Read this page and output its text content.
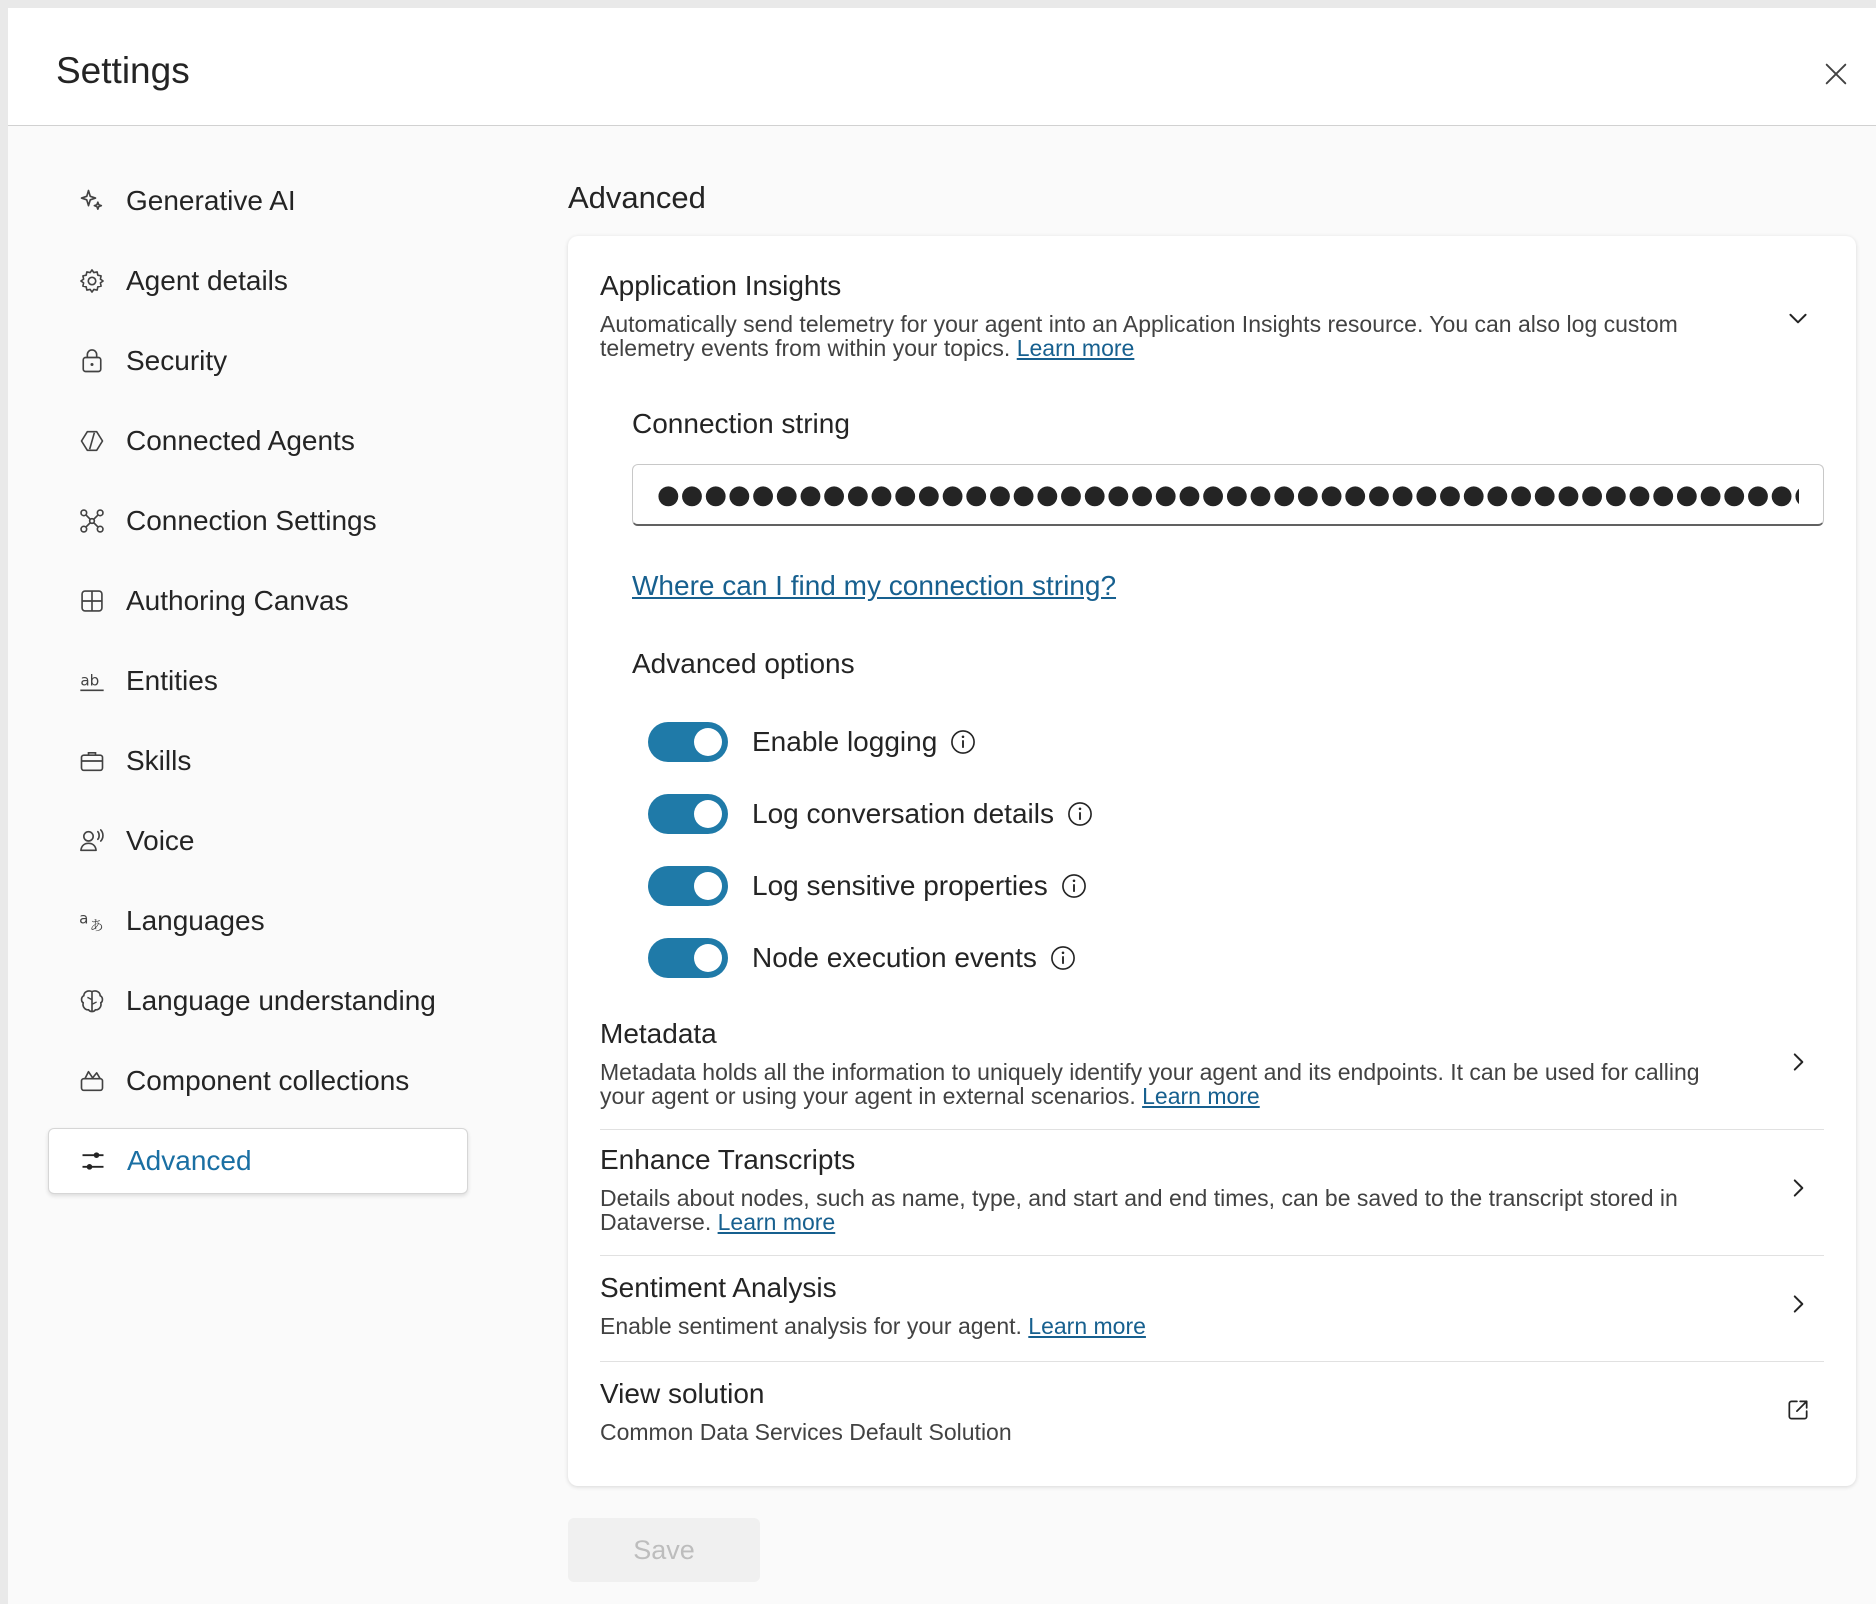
Settings
Generative AI
Agent details
Security
Connected Agents
Connection Settings
Authoring Canvas
ab Entities
Skills
Voice
a あ Languages
Language understanding
Component collections
Advanced
Advanced
Application Insights
Automatically send telemetry for your agent into an Application Insights resource. You can also log custom telemetry events from within your topics. Learn more
Connection string
●●●●●●●●●●●●●●●●●●●●●●●●●●●●●●●●●●●●●●●●●●●●●●●●●●●●●●●●●●●●●●●●●●●●●●●●●●●●●●●●●●●●●●●
Where can I find my connection string?
Advanced options
Enable logging
Log conversation details
Log sensitive properties
Node execution events
Metadata
Metadata holds all the information to uniquely identify your agent and its endpoints. It can be used for calling your agent or using your agent in external scenarios. Learn more
Enhance Transcripts
Details about nodes, such as name, type, and start and end times, can be saved to the transcript stored in Dataverse. Learn more
Sentiment Analysis
Enable sentiment analysis for your agent. Learn more
View solution
Common Data Services Default Solution
Save
